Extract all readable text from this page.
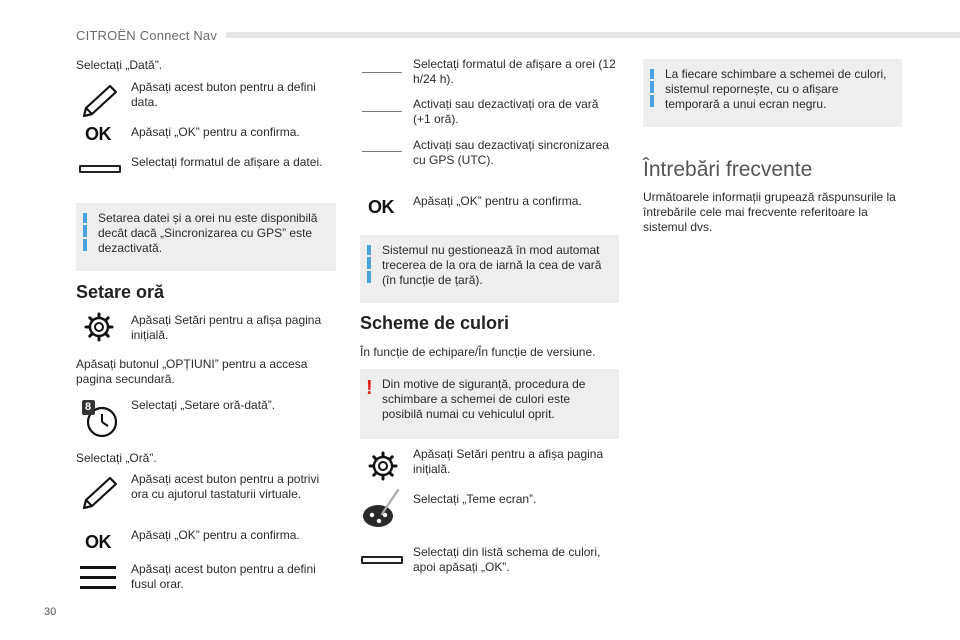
CITROËN Connect Nav
Selectați „Dată”.
Apăsați acest buton pentru a defini data.
OK Apăsați „OK” pentru a confirma.
Selectați formatul de afișare a datei.
Setarea datei și a orei nu este disponibilă decât dacă „Sincronizarea cu GPS” este dezactivată.
Setare oră
Apăsați Setări pentru a afișa pagina inițială.
Apăsați butonul „OPȚIUNI” pentru a accesa pagina secundară.
8	Selectați „Setare oră-dată”.
Selectați „Oră”.
Apăsați acest buton pentru a potrivi ora cu ajutorul tastaturii virtuale.
OK Apăsați „OK” pentru a confirma.
Apăsați acest buton pentru a defini fusul orar.
Selectați formatul de afișare a orei (12 h/24 h).
Activați sau dezactivați ora de vară (+1 oră).
Activați sau dezactivați sincronizarea cu GPS (UTC).
OK Apăsați „OK” pentru a confirma.
Sistemul nu gestionează în mod automat trecerea de la ora de iarnă la cea de vară (în funcție de țară).
Scheme de culori
În funcție de echipare/În funcție de versiune.
! Din motive de siguranță, procedura de schimbare a schemei de culori este posibilă numai cu vehiculul oprit.
Apăsați Setări pentru a afișa pagina inițială.
Selectați „Teme ecran”.
Selectați din listă schema de culori, apoi apăsați „OK”.
La fiecare schimbare a schemei de culori, sistemul repornește, cu o afișare temporară a unui ecran negru.
Întrebări frecvente
Următoarele informații grupează răspunsurile la întrebările cele mai frecvente referitoare la sistemul dvs.
30
